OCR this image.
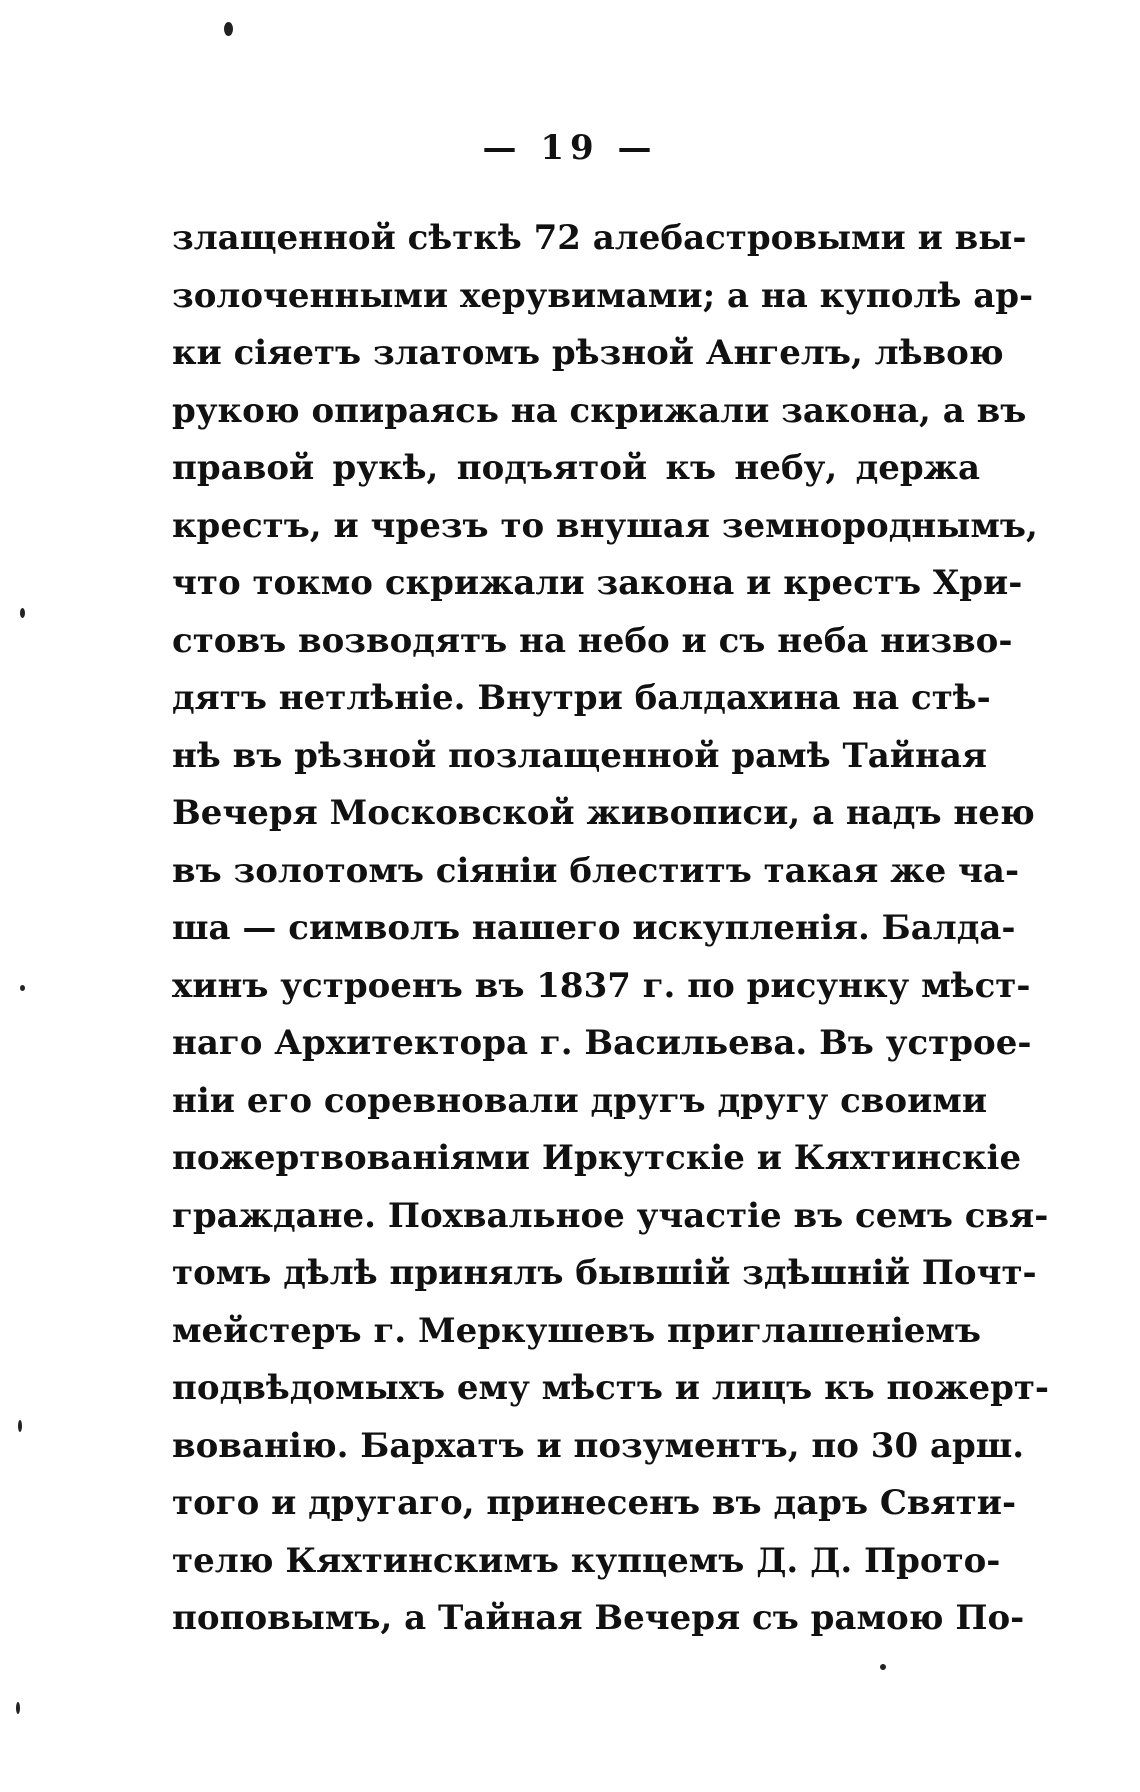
— 19 —
злащенной сѣткѣ 72 алебастровыми и вы-
золоченными херувимами; а на куполѣ ар-
ки сіяетъ златомъ рѣзной Ангелъ, лѣвою
рукою опираясь на скрижали закона, а въ
правой рукѣ, подъятой къ небу, держа
крестъ, и чрезъ то внушая земнороднымъ,
что токмо скрижали закона и крестъ Хри-
стовъ возводятъ на небо и съ неба низво-
дятъ нетлѣніе. Внутри балдахина на стѣ-
нѣ въ рѣзной позлащенной рамѣ Тайная
Вечеря Московской живописи, а надъ нею
въ золотомъ сіяніи блеститъ такая же ча-
ша — символъ нашего искупленія. Балда-
хинъ устроенъ въ 1837 г. по рисунку мѣст-
наго Архитектора г. Васильева. Въ устрое-
ніи его соревновали другъ другу своими
пожертвованіями Иркутскіе и Кяхтинскіе
граждане. Похвальное участіе въ семъ свя-
томъ дѣлѣ принялъ бывшій здѣшній Почт-
мейстеръ г. Меркушевъ приглашеніемъ
подвѣдомыхъ ему мѣстъ и лицъ къ пожерт-
вованію. Бархатъ и позументъ, по 30 арш.
того и другаго, принесенъ въ даръ Святи-
телю Кяхтинскимъ купцемъ Д. Д. Прото-
поповымъ, а Тайная Вечеря съ рамою По-
